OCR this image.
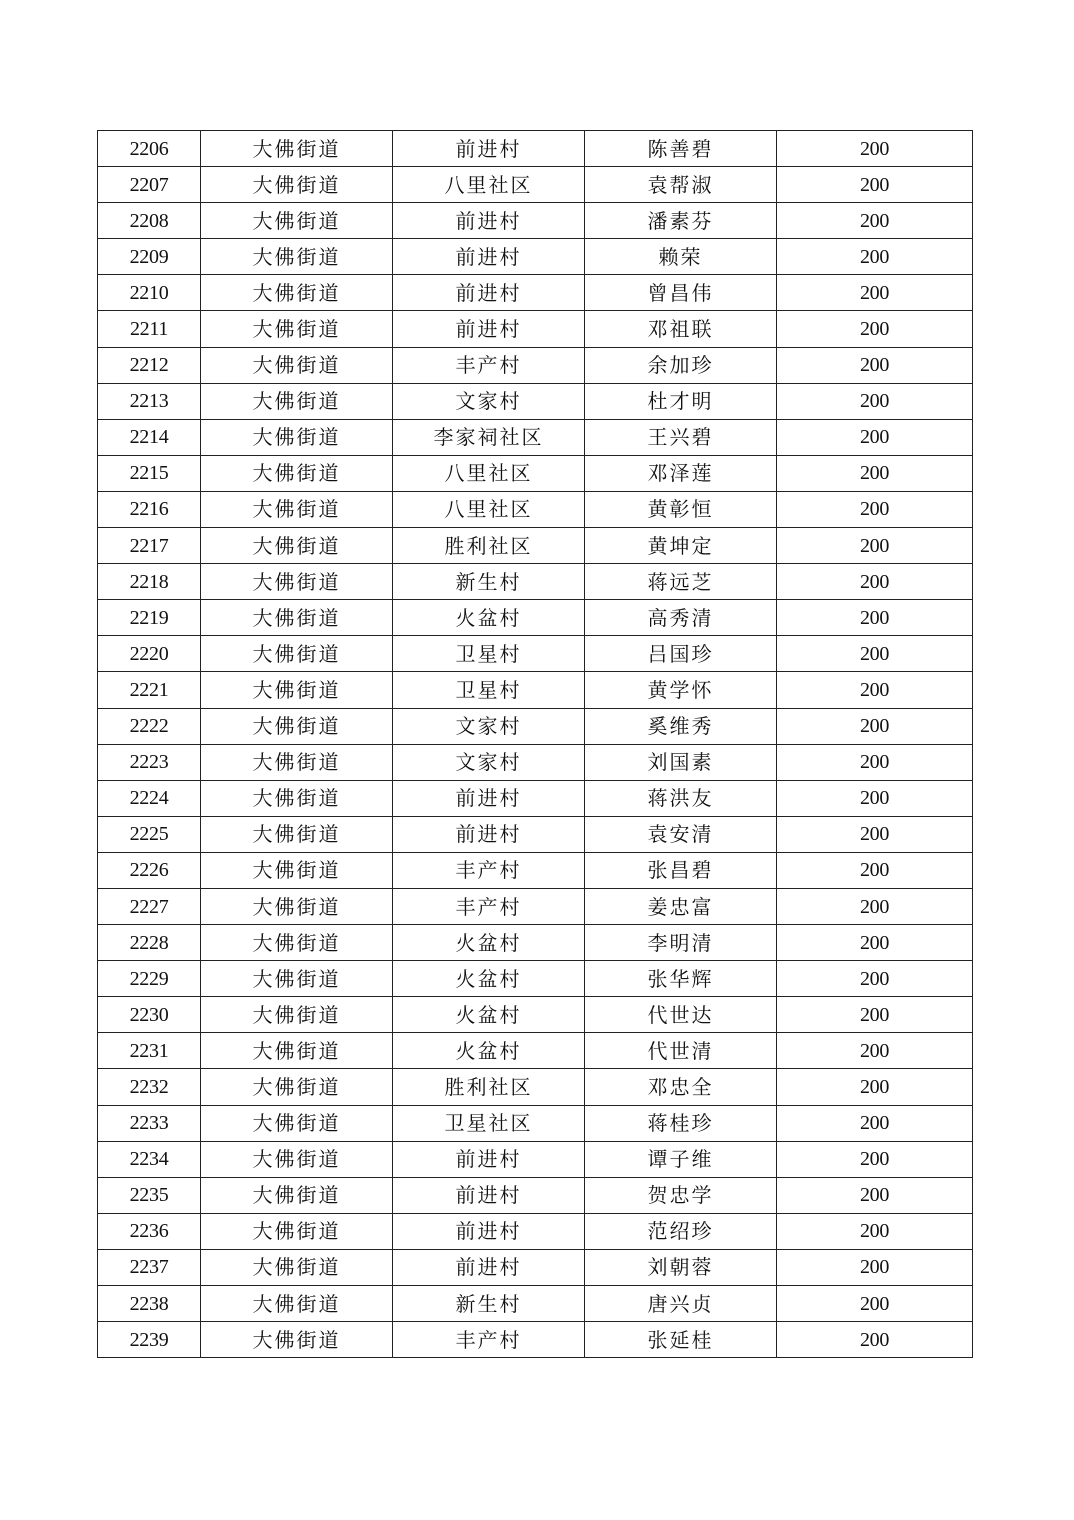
2206	大佛街道	前进村	陈善碧	200
2207	大佛街道	八里社区	袁帮淑	200
2208	大佛街道	前进村	潘素芬	200
2209	大佛街道	前进村	赖荣	200
2210	大佛街道	前进村	曾昌伟	200
2211	大佛街道	前进村	邓祖联	200
2212	大佛街道	丰产村	余加珍	200
2213	大佛街道	文家村	杜才明	200
2214	大佛街道	李家祠社区	王兴碧	200
2215	大佛街道	八里社区	邓泽莲	200
2216	大佛街道	八里社区	黄彰恒	200
2217	大佛街道	胜利社区	黄坤定	200
2218	大佛街道	新生村	蒋远芝	200
2219	大佛街道	火盆村	高秀清	200
2220	大佛街道	卫星村	吕国珍	200
2221	大佛街道	卫星村	黄学怀	200
2222	大佛街道	文家村	奚维秀	200
2223	大佛街道	文家村	刘国素	200
2224	大佛街道	前进村	蒋洪友	200
2225	大佛街道	前进村	袁安清	200
2226	大佛街道	丰产村	张昌碧	200
2227	大佛街道	丰产村	姜忠富	200
2228	大佛街道	火盆村	李明清	200
2229	大佛街道	火盆村	张华辉	200
2230	大佛街道	火盆村	代世达	200
2231	大佛街道	火盆村	代世清	200
2232	大佛街道	胜利社区	邓忠全	200
2233	大佛街道	卫星社区	蒋桂珍	200
2234	大佛街道	前进村	谭子维	200
2235	大佛街道	前进村	贺忠学	200
2236	大佛街道	前进村	范绍珍	200
2237	大佛街道	前进村	刘朝蓉	200
2238	大佛街道	新生村	唐兴贞	200
2239	大佛街道	丰产村	张延桂	200
